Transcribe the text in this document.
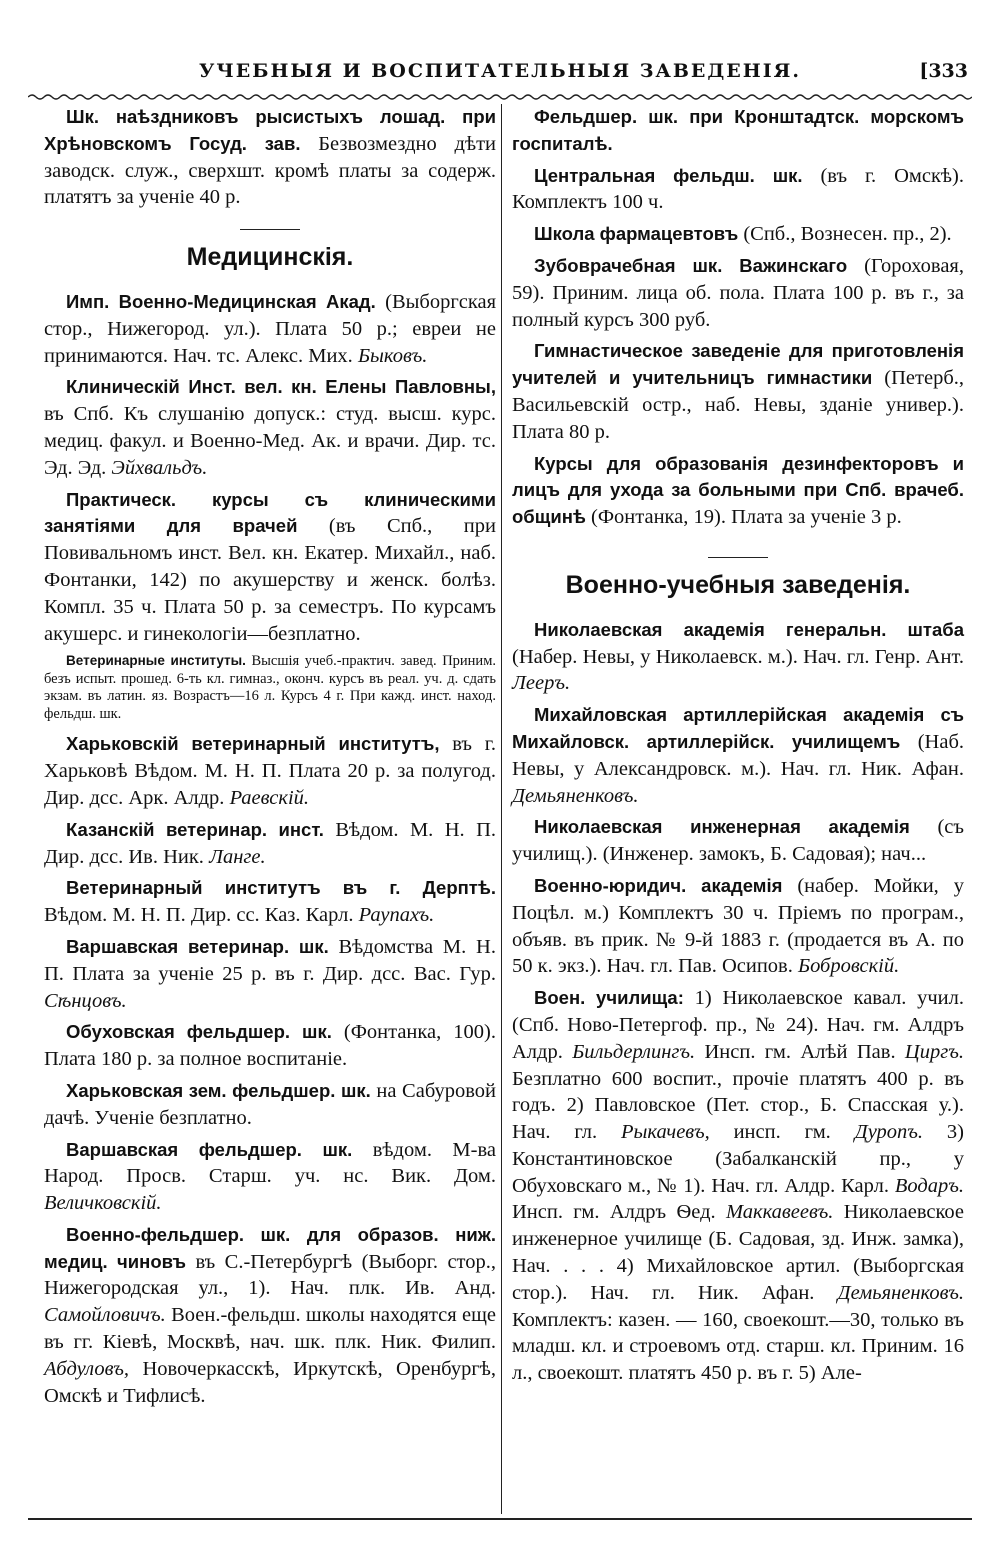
УЧЕБНЫЯ И ВОСПИТАТЕЛЬНЫЯ ЗАВЕДЕНІЯ.	[333

Шк. наѣздниковъ рысистыхъ лошад. при Хрѣновскомъ Госуд. зав. Безвозмездно дѣти заводск. служ., сверхшт. кромѣ платы за содерж. платятъ за ученіе 40 р.

Медицинскія.

Имп. Военно-Медицинская Акад. (Выборгская стор., Нижегород. ул.). Плата 50 р.; евреи не принимаются. Нач. тс. Алекс. Мих. Быковъ.

Клиническій Инст. вел. кн. Елены Павловны, въ Спб. Къ слушанію допуск.: студ. высш. курс. медиц. факул. и Военно-Мед. Ак. и врачи. Дир. тс. Эд. Эд. Эйхвальдъ.

Практическ. курсы съ клиническими занятіями для врачей (въ Спб., при Повивальномъ инст. Вел. кн. Екатер. Михайл., наб. Фонтанки, 142) по акушерству и женск. болѣз. Компл. 35 ч. Плата 50 р. за семестръ. По курсамъ акушерс. и гинекологіи—безплатно.

Ветеринарные институты. Высшія учеб.-практич. завед. Приним. безъ испыт. прошед. 6-ть кл. гимназ., оконч. курсъ въ реал. уч. д. сдать экзам. въ латин. яз. Возрастъ—16 л. Курсъ 4 г. При кажд. инст. наход. фельдш. шк.

Харьковскій ветеринарный институтъ, въ г. Харьковѣ Вѣдом. М. Н. П. Плата 20 р. за полугод. Дир. дсс. Арк. Алдр. Раевскій.

Казанскій ветеринар. инст. Вѣдом. М. Н. П. Дир. дсс. Ив. Ник. Ланге.

Ветеринарный институтъ въ г. Дерптѣ. Вѣдом. М. Н. П. Дир. сс. Каз. Карл. Раупахъ.

Варшавская ветеринар. шк. Вѣдомства М. Н. П. Плата за ученіе 25 р. въ г. Дир. дсс. Вас. Гур. Сѣнцовъ.

Обуховская фельдшер. шк. (Фонтанка, 100). Плата 180 р. за полное воспитаніе.

Харьковская зем. фельдшер. шк. на Сабуровой дачѣ. Ученіе безплатно.

Варшавская фельдшер. шк. вѣдом. М-ва Народ. Просв. Старш. уч. нс. Вик. Дом. Величковскій.

Военно-фельдшер. шк. для образов. ниж. медиц. чиновъ въ С.-Петербургѣ (Выборг. стор., Нижегородская ул., 1). Нач. плк. Ив. Анд. Самойловичъ. Воен.-фельдш. школы находятся еще въ гг. Кіевѣ, Москвѣ, нач. шк. плк. Ник. Филип. Абдуловъ, Новочеркасскѣ, Иркутскѣ, Оренбургѣ, Омскѣ и Тифлисѣ.

Фельдшер. шк. при Кронштадтск. морскомъ госпиталѣ.

Центральная фельдш. шк. (въ г. Омскѣ). Комплектъ 100 ч.

Школа фармацевтовъ (Спб., Вознесен. пр., 2).

Зубоврачебная шк. Важинскаго (Гороховая, 59). Приним. лица об. пола. Плата 100 р. въ г., за полный курсъ 300 руб.

Гимнастическое заведеніе для приготовленія учителей и учительницъ гимнастики (Петерб., Васильевскій остр., наб. Невы, зданіе универ.). Плата 80 р.

Курсы для образованія дезинфекторовъ и лицъ для ухода за больными при Спб. врачеб. общинѣ (Фонтанка, 19). Плата за ученіе 3 р.

Военно-учебныя заведенія.

Николаевская академія генеральн. штаба (Набер. Невы, у Николаевск. м.). Нач. гл. Генр. Ант. Лееръ.

Михайловская артиллерійская академія съ Михайловск. артиллерійск. училищемъ (Наб. Невы, у Александровск. м.). Нач. гл. Ник. Афан. Демьяненковъ.

Николаевская инженерная академія (съ училищ.). (Инженер. замокъ, Б. Садовая); нач...

Военно-юридич. академія (набер. Мойки, у Поцѣл. м.) Комплектъ 30 ч. Пріемъ по програм., объяв. въ прик. № 9-й 1883 г. (продается въ А. по 50 к. экз.). Нач. гл. Пав. Осипов. Бобровскій.

Воен. училища: 1) Николаевское кавал. учил. (Спб. Ново-Петергоф. пр., № 24). Нач. гм. Алдръ Алдр. Бильдерлингъ. Инсп. гм. Алѣй Пав. Циргъ. Безплатно 600 воспит., прочіе платятъ 400 р. въ годъ. 2) Павловское (Пет. стор., Б. Спасская у.). Нач. гл. Рыкачевъ, инсп. гм. Дуропъ. 3) Константиновское (Забалканскій пр., у Обуховскаго м., № 1). Нач. гл. Алдр. Карл. Водаръ. Инсп. гм. Алдръ Ѳед. Маккавеевъ. Николаевское инженерное училище (Б. Садовая, зд. Инж. замка), Нач. . . . 4) Михайловское артил. (Выборгская стор.). Нач. гл. Ник. Афан. Демьяненковъ. Комплектъ: казен. — 160, своекошт.—30, только въ младш. кл. и строевомъ отд. старш. кл. Приним. 16 л., своекошт. платятъ 450 р. въ г. 5) Але-
